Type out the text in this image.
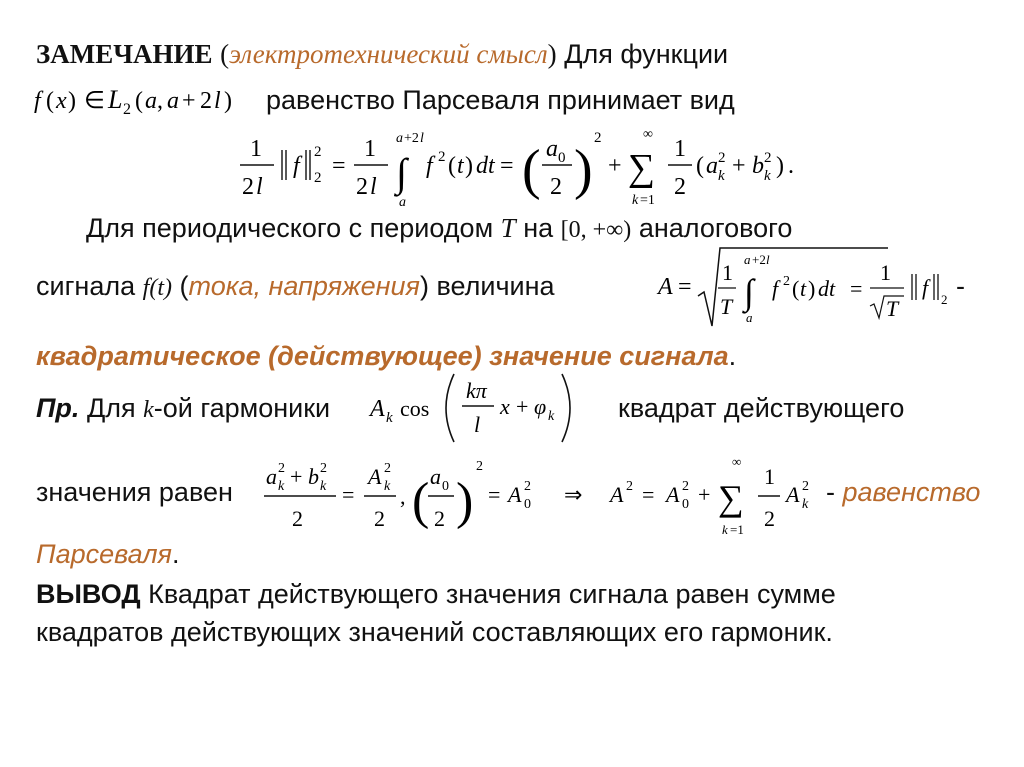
ЗАМЕЧАНИЕ (электротехнический смысл) Для функции
f ( x ) ∈ L 2 ( a , a + 2 l ) равенство Парсеваля принимает вид
1
2 l
f
2
2 =
1
2 l
a +2 l
∫
a
f 2 ( t ) dt = ( a 0
2 )
2
+
∞
∑
k =1
1
2
( a 2
k + b 2
k ) .
Для периодического с периодом T на [0, +∞) аналогового
сигнала f(t) (тока, напряжения) величина	A =
1
T
a +2 l
∫
a
f 2 ( t ) dt =
1
T
f 2 -
квадратическое (действующее) значение сигнала.
Пр. Для k-ой гармоники A k cos
kπ
l
x + φ k квадрат действующего
значения равен
a 2
k + b 2
k
2
=
A 2
k
2
, ( a 0
2 )
2
= A 2
0 ⇒ A 2 = A 2
0 +
∞
∑
k =1
1
2
A 2
k - равенство
Парсеваля.
ВЫВОД Квадрат действующего значения сигнала равен сумме
квадратов действующих значений составляющих его гармоник.
